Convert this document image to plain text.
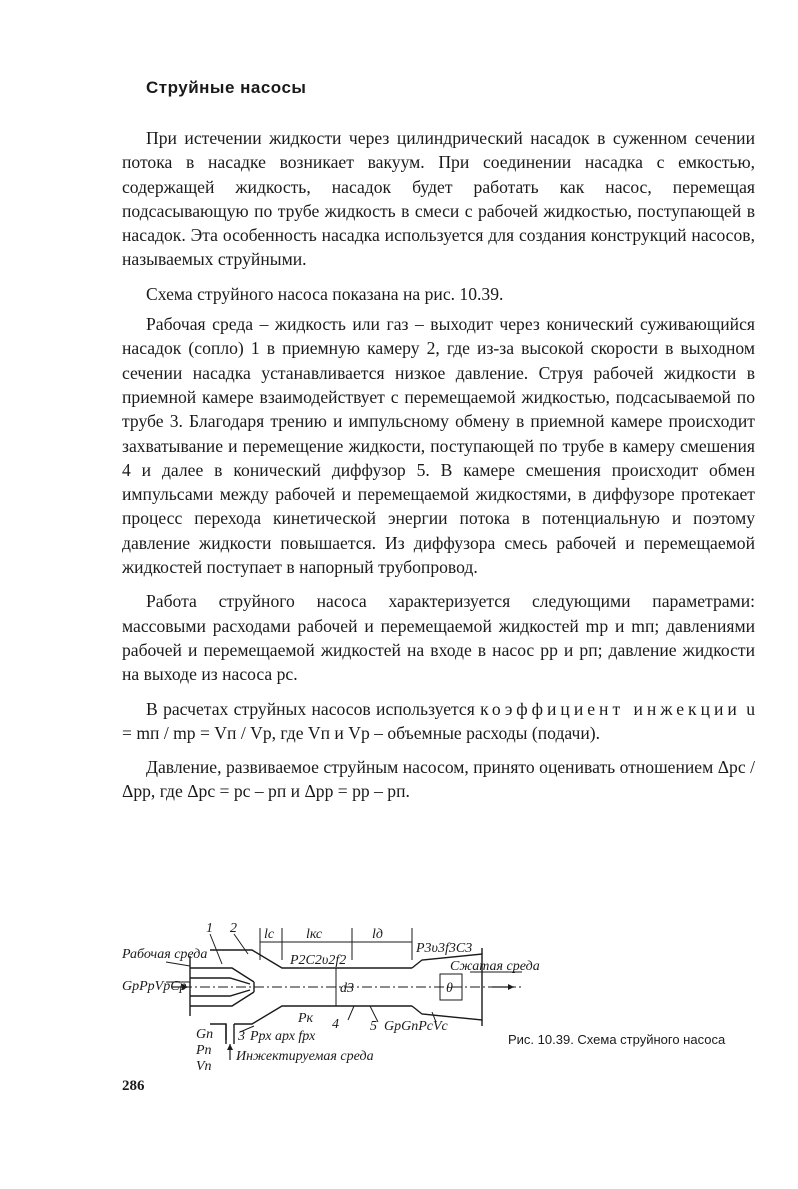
Струйные насосы

При истечении жидкости через цилиндрический насадок в суженном сечении потока в насадке возникает вакуум. При соединении насадка с емкостью, содержащей жидкость, насадок будет работать как насос, перемещая подсасывающую по трубе жидкость в смеси с рабочей жидкостью, поступающей в насадок. Эта особенность насадка используется для создания конструкций насосов, называемых струйными.

Схема струйного насоса показана на рис. 10.39.

Рабочая среда – жидкость или газ – выходит через коничеcкий суживающийся насадок (сопло) 1 в приемную камеру 2, где из-за высокой скорости в выходном сечении насадка устанавливается низкое давление. Струя рабочей жидкости в приемной камере взаимодействует с перемещаемой жидкостью, подсасываемой по трубе 3. Благодаря трению и импульсному обмену в приемной камере происходит захватывание и перемещение жидкости, поступающей по трубе в камеру смешения 4 и далее в конический диффузор 5. В камере смешения происходит обмен импульсами между рабочей и перемещаемой жидкостями, в диффузоре протекает процесс перехода кинетической энергии потока в потенциальную и поэтому давление жидкости повышается. Из диффузора смесь рабочей и перемещаемой жидкостей поступает в напорный трубопровод.

Работа струйного насоса характеризуется следующими параметрами: массовыми расходами рабочей и перемещаемой жидкостей mр и mп; давлениями рабочей и перемещаемой жидкостей на входе в насос pр и pп; давление жидкости на выходе из насоса pс.

В расчетах струйных насосов используется коэффициент инжекции u = mп / mр = Vп / Vр, где Vп и Vр – объемные расходы (подачи).

Давление, развиваемое струйным насосом, принято оценивать отношением Δpс / Δpр, где Δpс = pс – pп и Δpр = pр – pп.

1 2 lс lкс	lд
P3υ3f3C3
P2C2υ2f2
Рабочая среда
Сжатая среда
GрPрVрCр	d3	θ
Pк 4 5 GрGпPсVс
3 Pрх aрх fрх
Gп
Pп
Vп
Инжектируемая среда
Рис. 10.39. Схема струйного насоса
286
